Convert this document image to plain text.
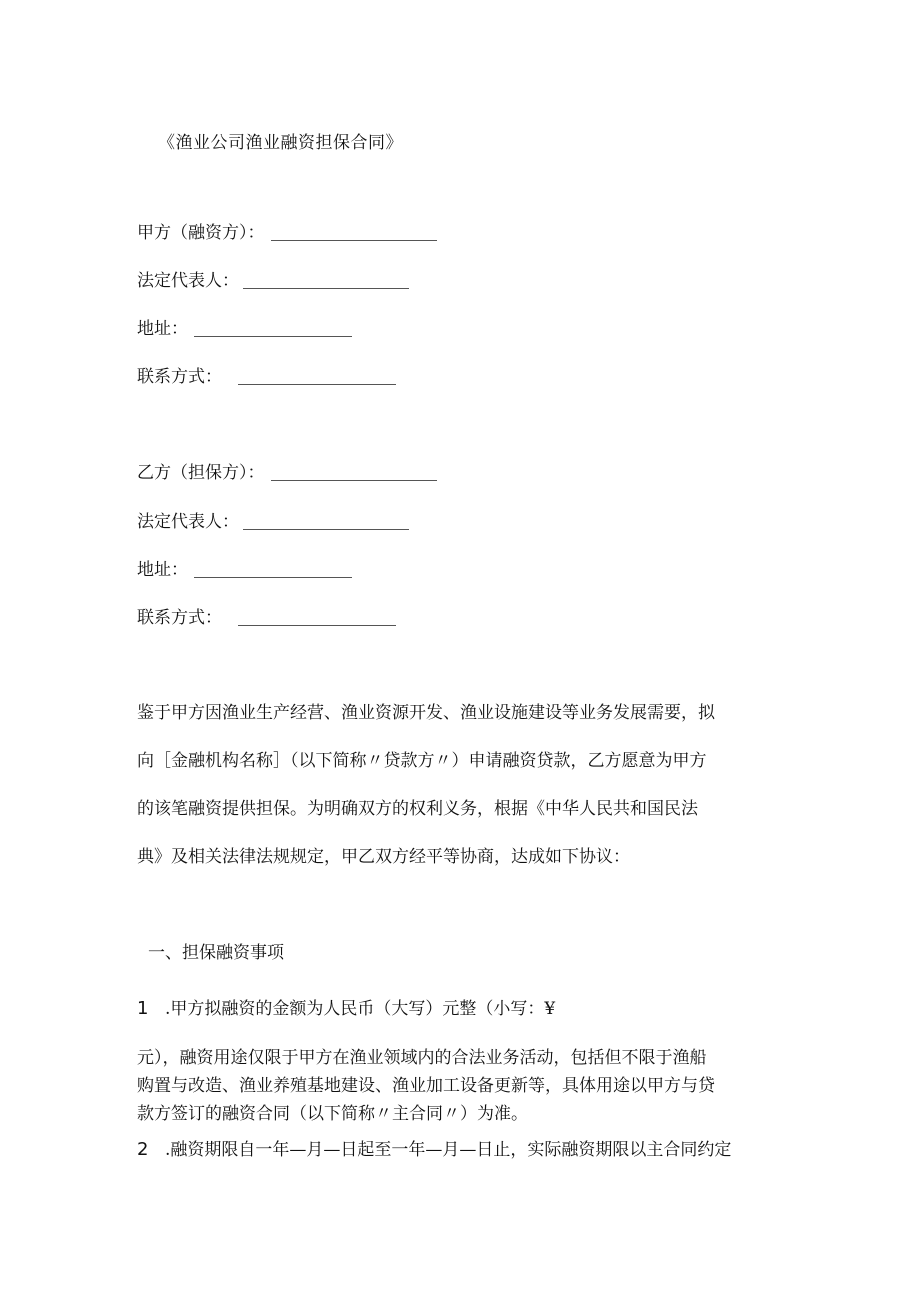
《渔业公司渔业融资担保合同》
甲方（融资方）：
法定代表人：
地址：
联系方式：
乙方（担保方）：
法定代表人：
地址：
联系方式：
鉴于甲方因渔业生产经营、渔业资源开发、渔业设施建设等业务发展需要，拟
向［金融机构名称］（以下简称〃贷款方〃）申请融资贷款，乙方愿意为甲方
的该笔融资提供担保。为明确双方的权利义务，根据《中华人民共和国民法
典》及相关法律法规规定，甲乙双方经平等协商，达成如下协议：
一、担保融资事项
1 .甲方拟融资的金额为人民币（大写）元整（小写：¥
元），融资用途仅限于甲方在渔业领域内的合法业务活动，包括但不限于渔船
购置与改造、渔业养殖基地建设、渔业加工设备更新等，具体用途以甲方与贷
款方签订的融资合同（以下简称〃主合同〃）为准。
2 .融资期限自一年—月—日起至一年—月—日止，实际融资期限以主合同约定
